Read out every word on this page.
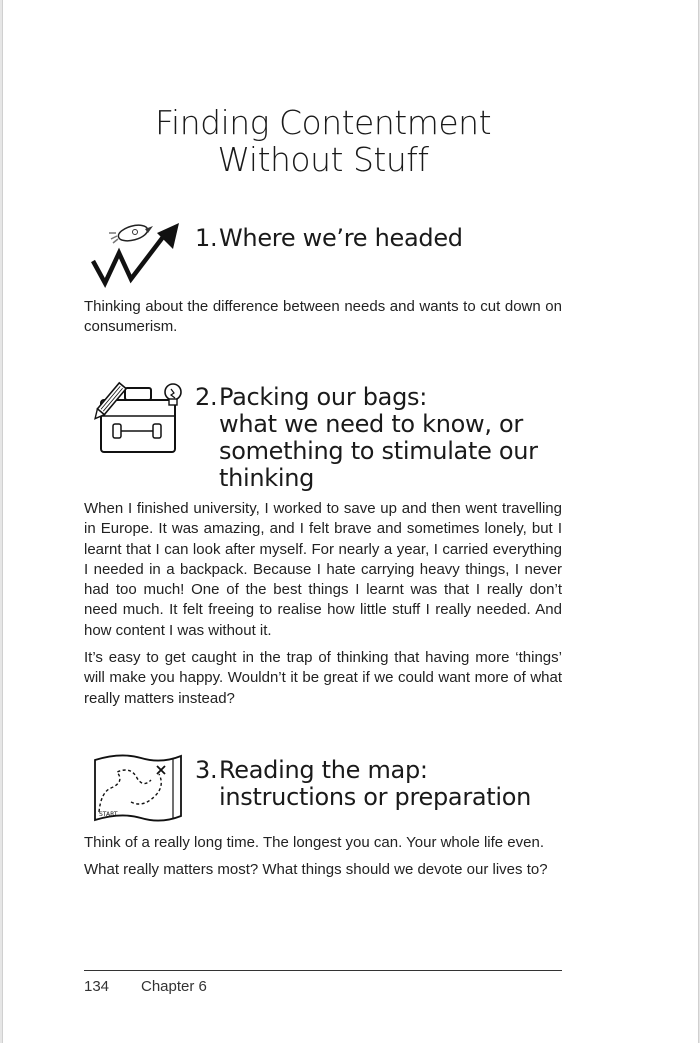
Finding Contentment
Without Stuff
1.Where we’re headed

Thinking about the difference between needs and wants to cut down on consumerism.

2.Packing our bags:
what we need to know, or
something to stimulate our
thinking

When I finished university, I worked to save up and then went travelling in Europe. It was amazing, and I felt brave and sometimes lonely, but I learnt that I can look after myself. For nearly a year, I carried everything I needed in a backpack. Because I hate carrying heavy things, I never had too much! One of the best things I learnt was that I really don’t need much. It felt freeing to realise how little stuff I really needed. And how content I was without it.

It’s easy to get caught in the trap of thinking that having more ‘things’ will make you happy. Wouldn’t it be great if we could want more of what really matters instead?

START
3.Reading the map:
instructions or preparation

Think of a really long time. The longest you can. Your whole life even.

What really matters most? What things should we devote our lives to?

134 Chapter 6
